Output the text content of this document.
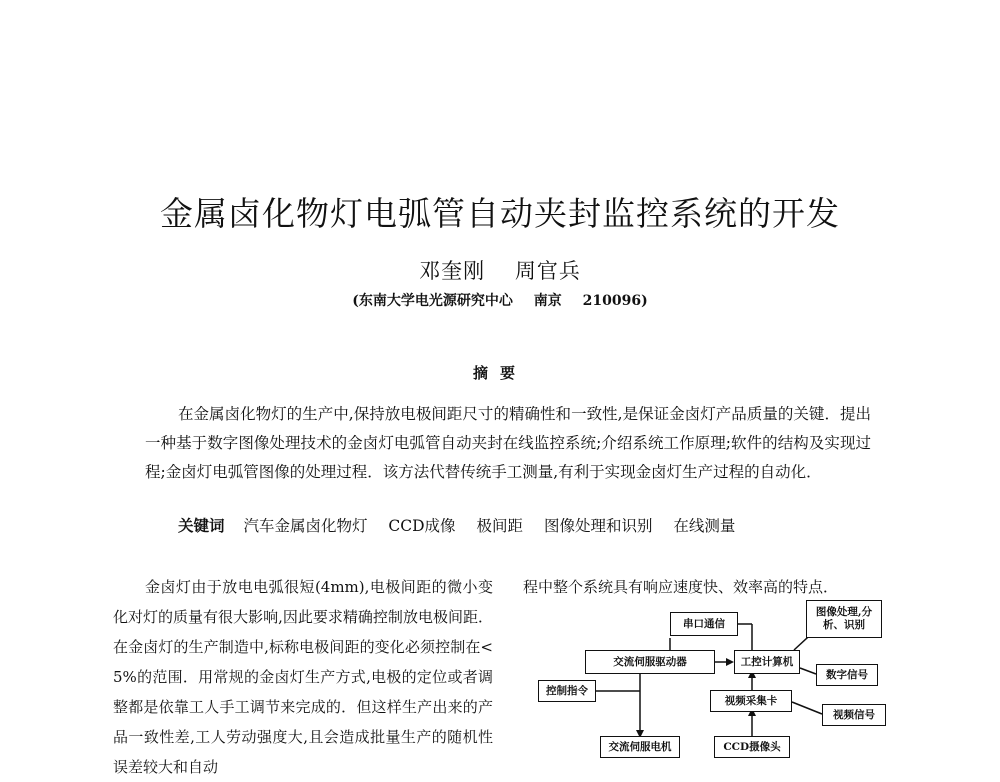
金属卤化物灯电弧管自动夹封监控系统的开发
邓奎刚 周官兵
(东南大学电光源研究中心 南京 210096)
摘要

在金属卤化物灯的生产中,保持放电极间距尺寸的精确性和一致性,是保证金卤灯产品质量的关键．提出一种基于数字图像处理技术的金卤灯电弧管自动夹封在线监控系统;介绍系统工作原理;软件的结构及实现过程;金卤灯电弧管图像的处理过程．该方法代替传统手工测量,有利于实现金卤灯生产过程的自动化．

关键词 汽车金属卤化物灯 CCD成像 极间距 图像处理和识别 在线测量

金卤灯由于放电电弧很短(4mm),电极间距的微小变化对灯的质量有很大影响,因此要求精确控制放电极间距．在金卤灯的生产制造中,标称电极间距的变化必须控制在< 5%的范围．用常规的金卤灯生产方式,电极的定位或者调整都是依靠工人手工调节来完成的．但这样生产出来的产品一致性差,工人劳动强度大,且会造成批量生产的随机性误差较大和自动

程中整个系统具有响应速度快、效率高的特点．

串口通信
图像处理,分析、识别
交流伺服驱动器	工控计算机
数字信号
控制指令
视频采集卡
视频信号
交流伺服电机	CCD摄像头
